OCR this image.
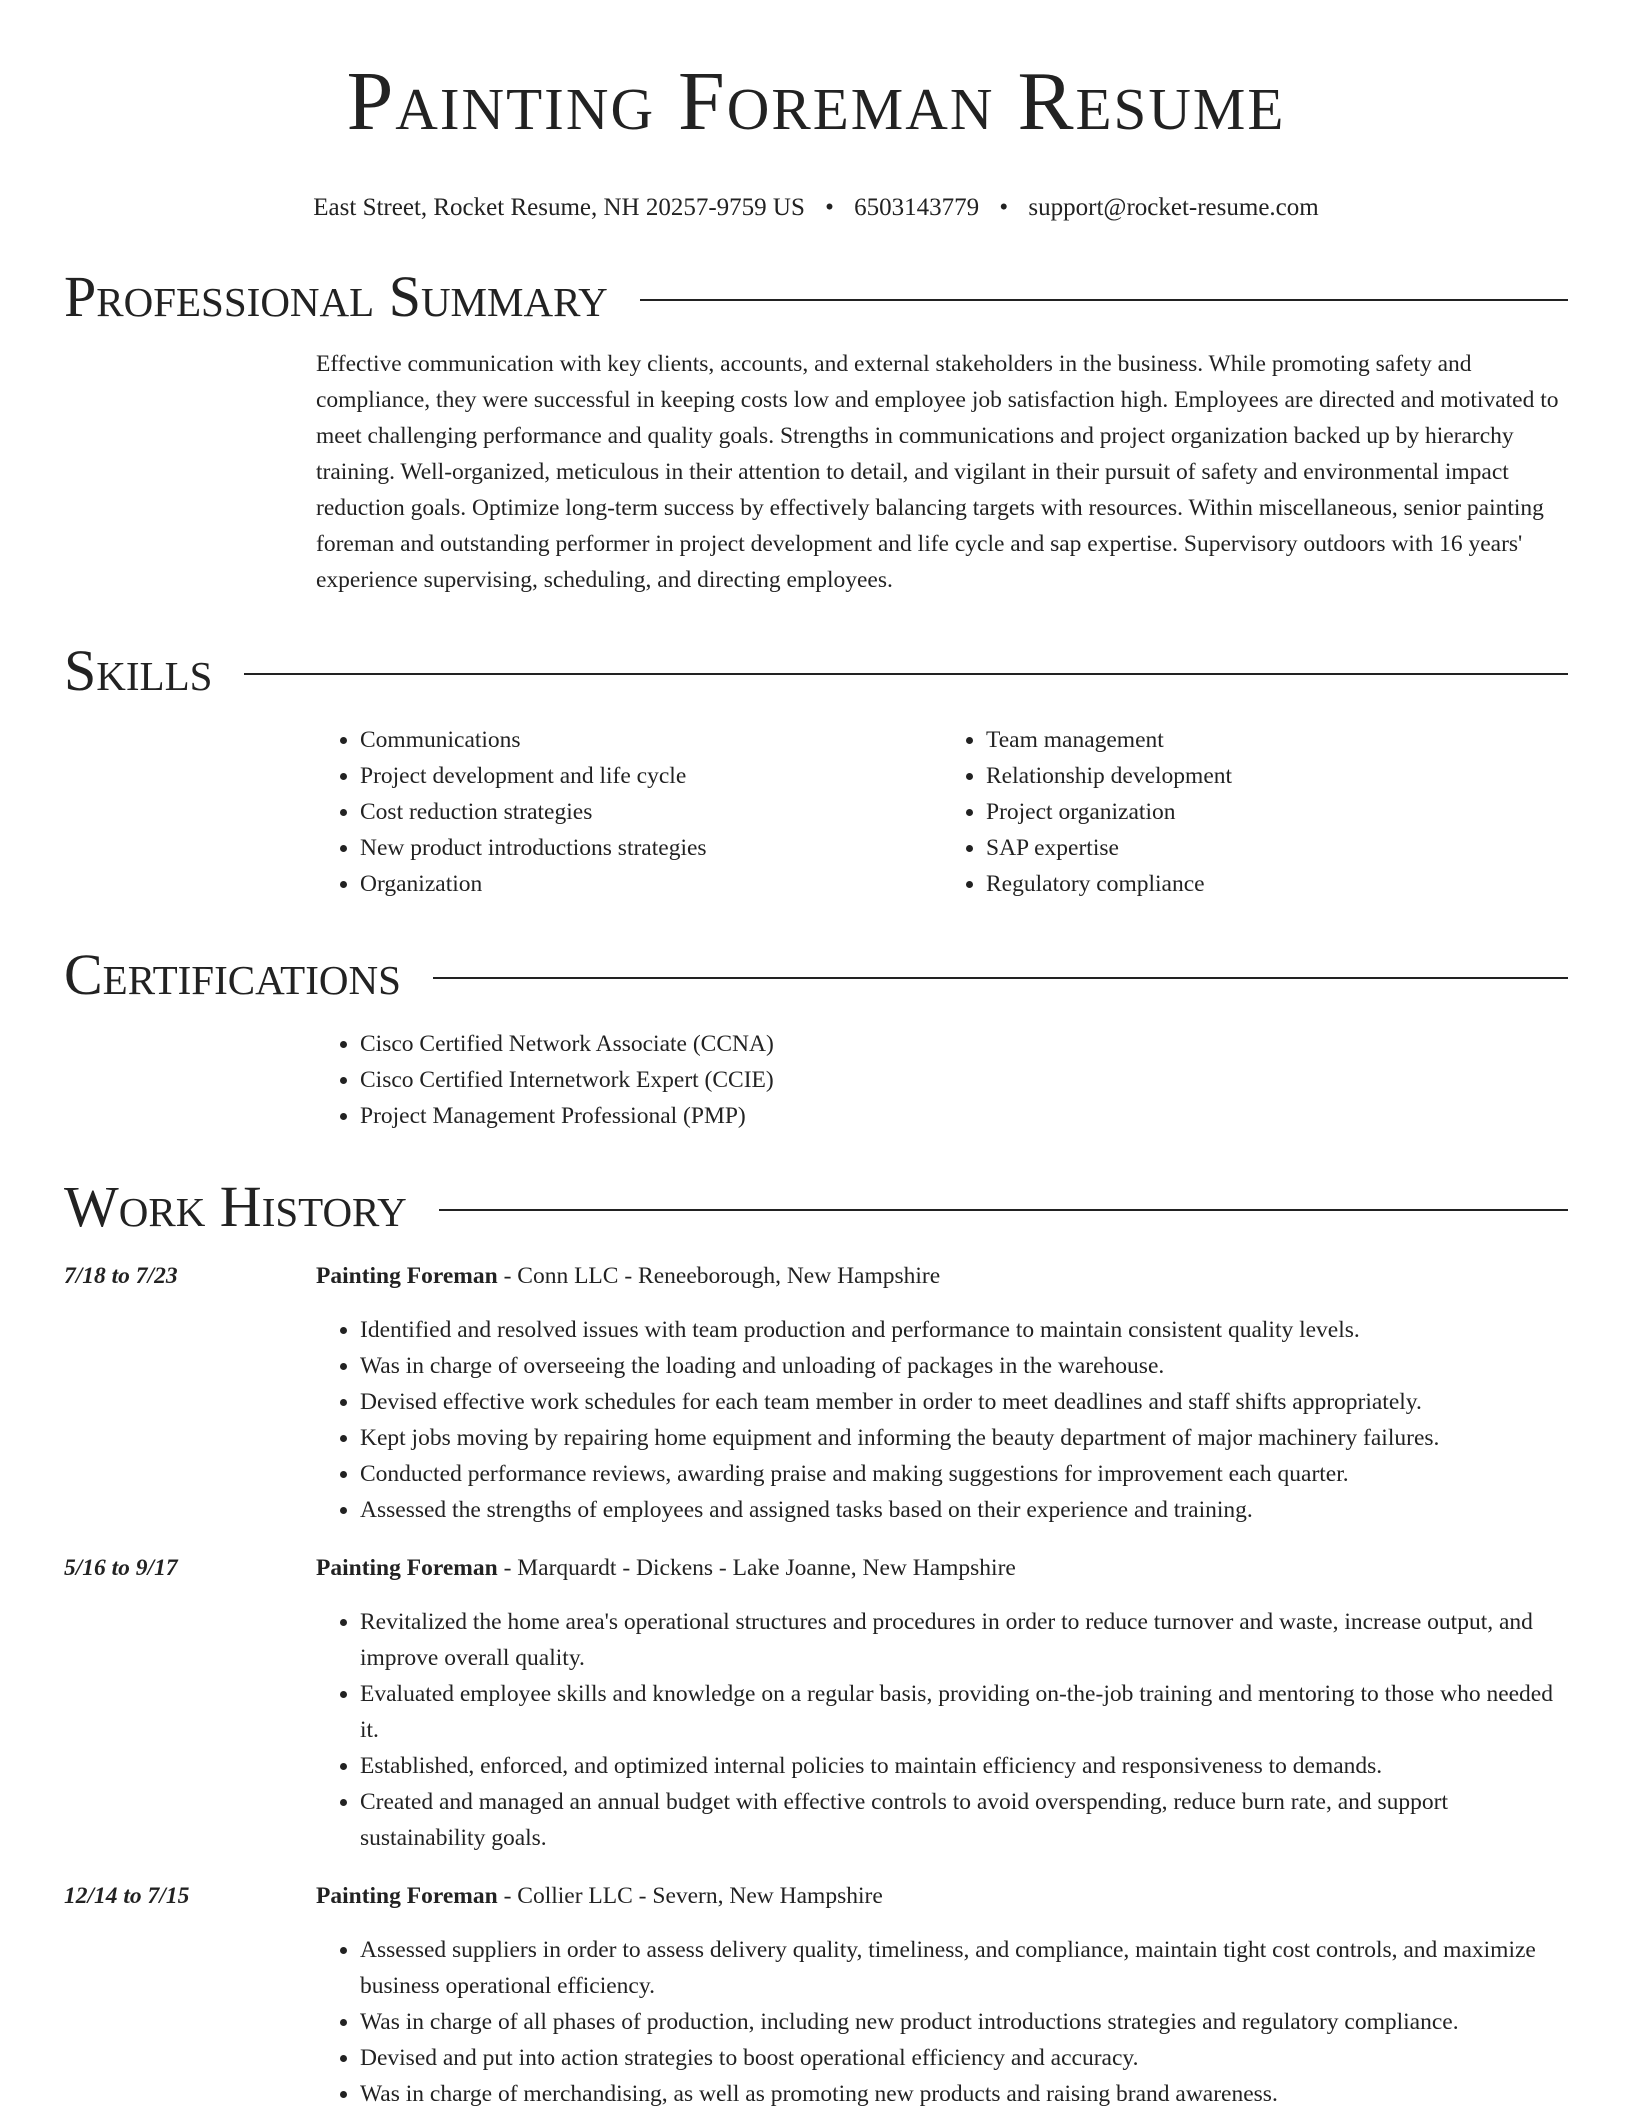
Painting Foreman Resume
East Street, Rocket Resume, NH 20257-9759 US • 6503143779 • support@rocket-resume.com
Professional Summary

Effective communication with key clients, accounts, and external stakeholders in the business. While promoting safety and compliance, they were successful in keeping costs low and employee job satisfaction high. Employees are directed and motivated to meet challenging performance and quality goals. Strengths in communications and project organization backed up by hierarchy training. Well-organized, meticulous in their attention to detail, and vigilant in their pursuit of safety and environmental impact reduction goals. Optimize long-term success by effectively balancing targets with resources. Within miscellaneous, senior painting foreman and outstanding performer in project development and life cycle and sap expertise. Supervisory outdoors with 16 years' experience supervising, scheduling, and directing employees.

Skills
• Communications
• Project development and life cycle
• Cost reduction strategies
• New product introductions strategies
• Organization
• Team management
• Relationship development
• Project organization
• SAP expertise
• Regulatory compliance
Certifications
• Cisco Certified Network Associate (CCNA)
• Cisco Certified Internetwork Expert (CCIE)
• Project Management Professional (PMP)
Work History
7/18 to 7/23	Painting Foreman - Conn LLC - Reneeborough, New Hampshire
• Identified and resolved issues with team production and performance to maintain consistent quality levels.
• Was in charge of overseeing the loading and unloading of packages in the warehouse.
• Devised effective work schedules for each team member in order to meet deadlines and staff shifts appropriately.
• Kept jobs moving by repairing home equipment and informing the beauty department of major machinery failures.
• Conducted performance reviews, awarding praise and making suggestions for improvement each quarter.
• Assessed the strengths of employees and assigned tasks based on their experience and training.
5/16 to 9/17	Painting Foreman - Marquardt - Dickens - Lake Joanne, New Hampshire
• Revitalized the home area's operational structures and procedures in order to reduce turnover and waste, increase output, and improve overall quality.
• Evaluated employee skills and knowledge on a regular basis, providing on-the-job training and mentoring to those who needed it.
• Established, enforced, and optimized internal policies to maintain efficiency and responsiveness to demands.
• Created and managed an annual budget with effective controls to avoid overspending, reduce burn rate, and support sustainability goals.
12/14 to 7/15	Painting Foreman - Collier LLC - Severn, New Hampshire
• Assessed suppliers in order to assess delivery quality, timeliness, and compliance, maintain tight cost controls, and maximize business operational efficiency.
• Was in charge of all phases of production, including new product introductions strategies and regulatory compliance.
• Devised and put into action strategies to boost operational efficiency and accuracy.
• Was in charge of merchandising, as well as promoting new products and raising brand awareness.
